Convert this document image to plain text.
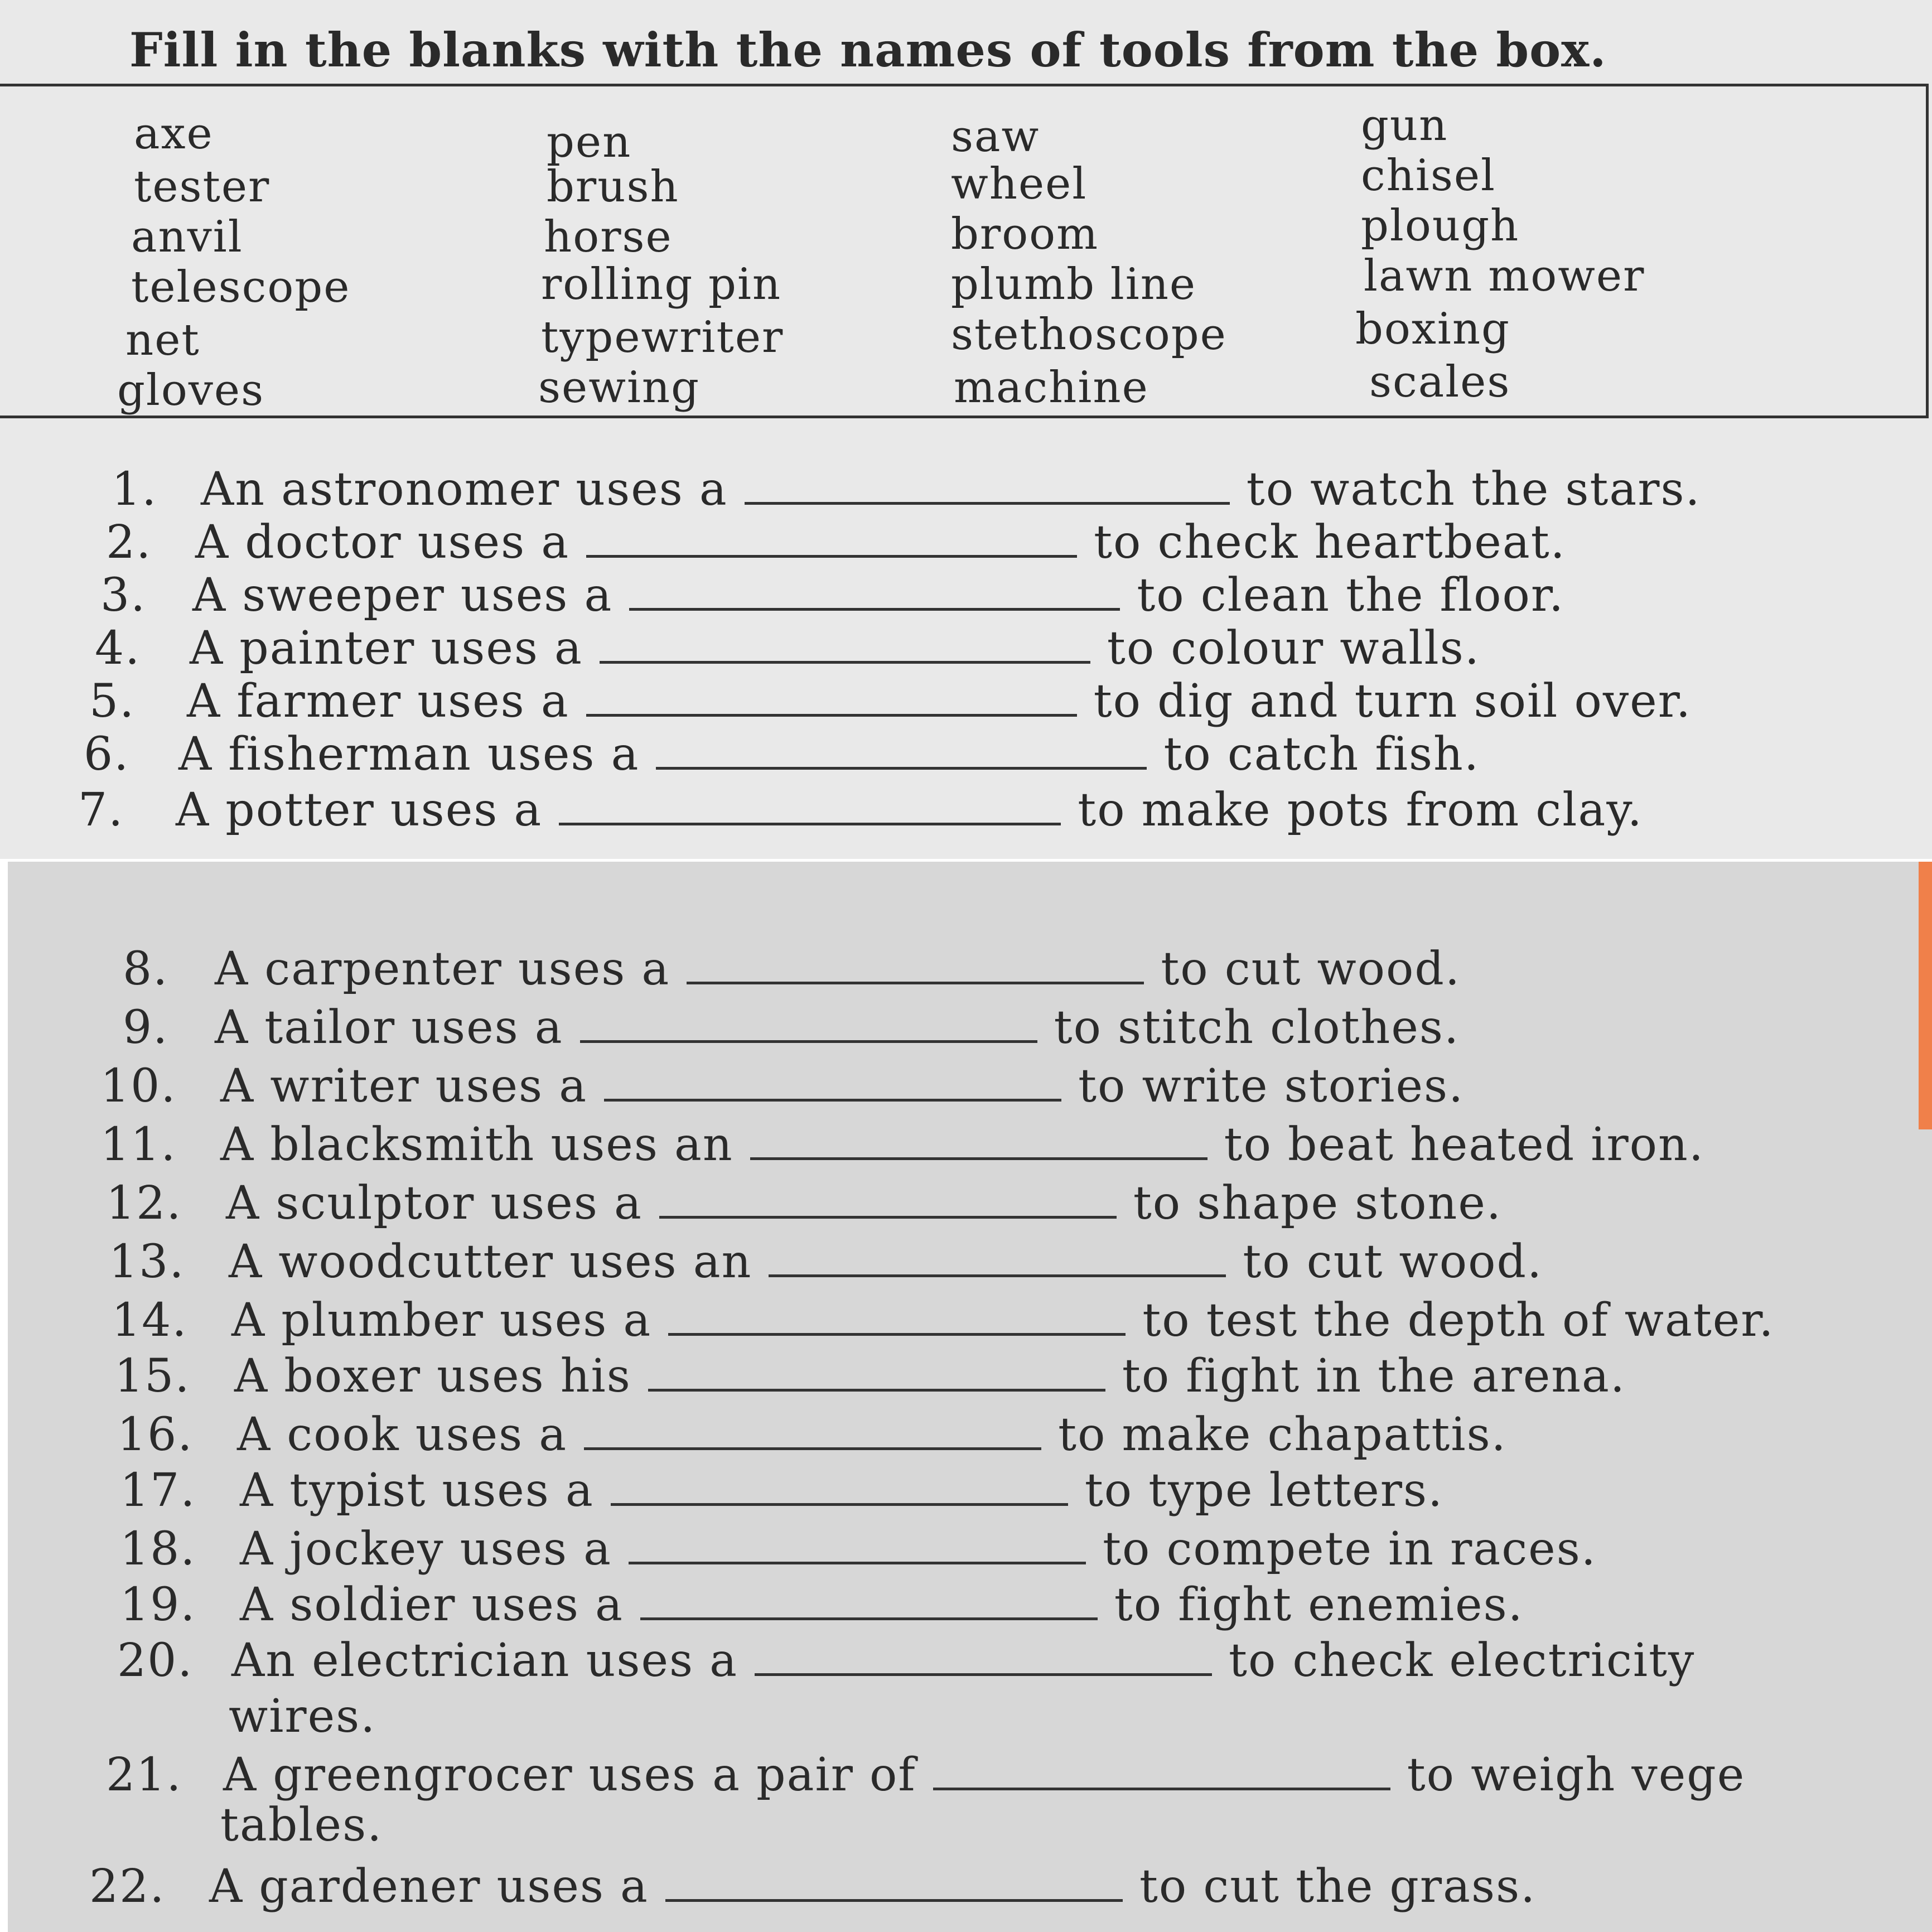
Fill in the blanks with the names of tools from the box.
axe	pen	saw	gun
tester	brush	wheel	chisel
anvil	horse	broom	plough
telescope	rolling pin	plumb line	lawn mower
net	typewriter	stethoscope	boxing
gloves	sewing	machine	scales
1. An astronomer uses a	to watch the stars.
2. A doctor uses a	to check heartbeat.
3.	A sweeper uses a	to clean the floor.
4.	A painter uses a	to colour walls.
5.	A farmer uses a	to dig and turn soil over.
6.	A fisherman uses a	to catch fish.
7.	A potter uses a	to make pots from clay.
8.	A carpenter uses a	to cut wood.
9.	A tailor uses a	to stitch clothes.
10. A writer uses a	to write stories.
11. A blacksmith uses an	to beat heated iron.
12. A sculptor uses a	to shape stone.
13. A woodcutter uses an	to cut wood.
14. A plumber uses a	to test the depth of water.
15. A boxer uses his	to fight in the arena.
16. A cook uses a	to make chapattis.
17. A typist uses a	to type letters.
18. A jockey uses a	to compete in races.
19. A soldier uses a	to fight enemies.
20. An electrician uses a	to check electricity
wires.
21. A greengrocer uses a pair of	to weigh vege
tables.
22. A gardener uses a	to cut the grass.
